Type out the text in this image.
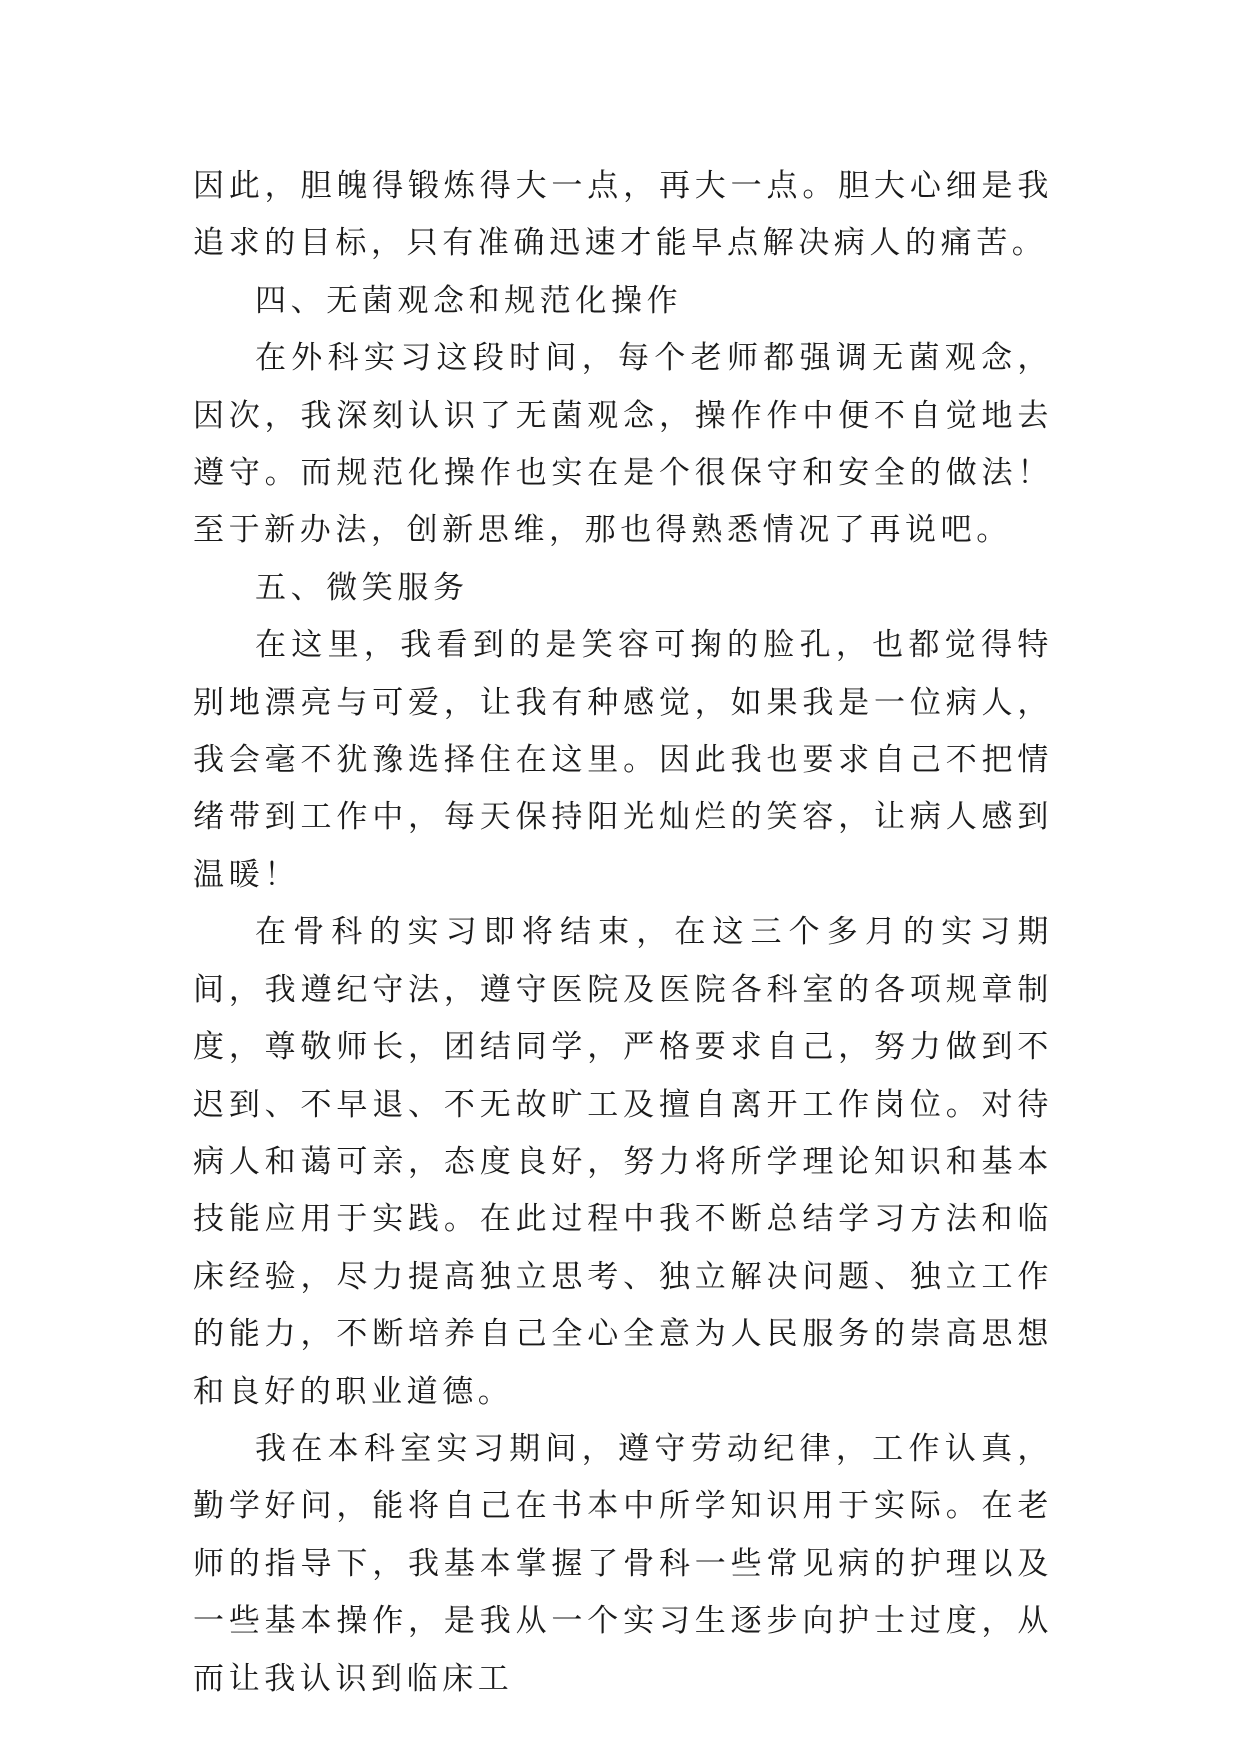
因此，胆魄得锻炼得大一点，再大一点。胆大心细是我追求的目标，只有准确迅速才能早点解决病人的痛苦。

四、无菌观念和规范化操作

在外科实习这段时间，每个老师都强调无菌观念，因次，我深刻认识了无菌观念，操作作中便不自觉地去遵守。而规范化操作也实在是个很保守和安全的做法！至于新办法，创新思维，那也得熟悉情况了再说吧。

五、微笑服务

在这里，我看到的是笑容可掬的脸孔，也都觉得特别地漂亮与可爱，让我有种感觉，如果我是一位病人，我会毫不犹豫选择住在这里。因此我也要求自己不把情绪带到工作中，每天保持阳光灿烂的笑容，让病人感到温暖！

在骨科的实习即将结束，在这三个多月的实习期间，我遵纪守法，遵守医院及医院各科室的各项规章制度，尊敬师长，团结同学，严格要求自己，努力做到不迟到、不早退、不无故旷工及擅自离开工作岗位。对待病人和蔼可亲，态度良好，努力将所学理论知识和基本技能应用于实践。在此过程中我不断总结学习方法和临床经验，尽力提高独立思考、独立解决问题、独立工作的能力，不断培养自己全心全意为人民服务的崇高思想和良好的职业道德。

我在本科室实习期间，遵守劳动纪律，工作认真，勤学好问，能将自己在书本中所学知识用于实际。在老师的指导下，我基本掌握了骨科一些常见病的护理以及一些基本操作，是我从一个实习生逐步向护士过度，从而让我认识到临床工
